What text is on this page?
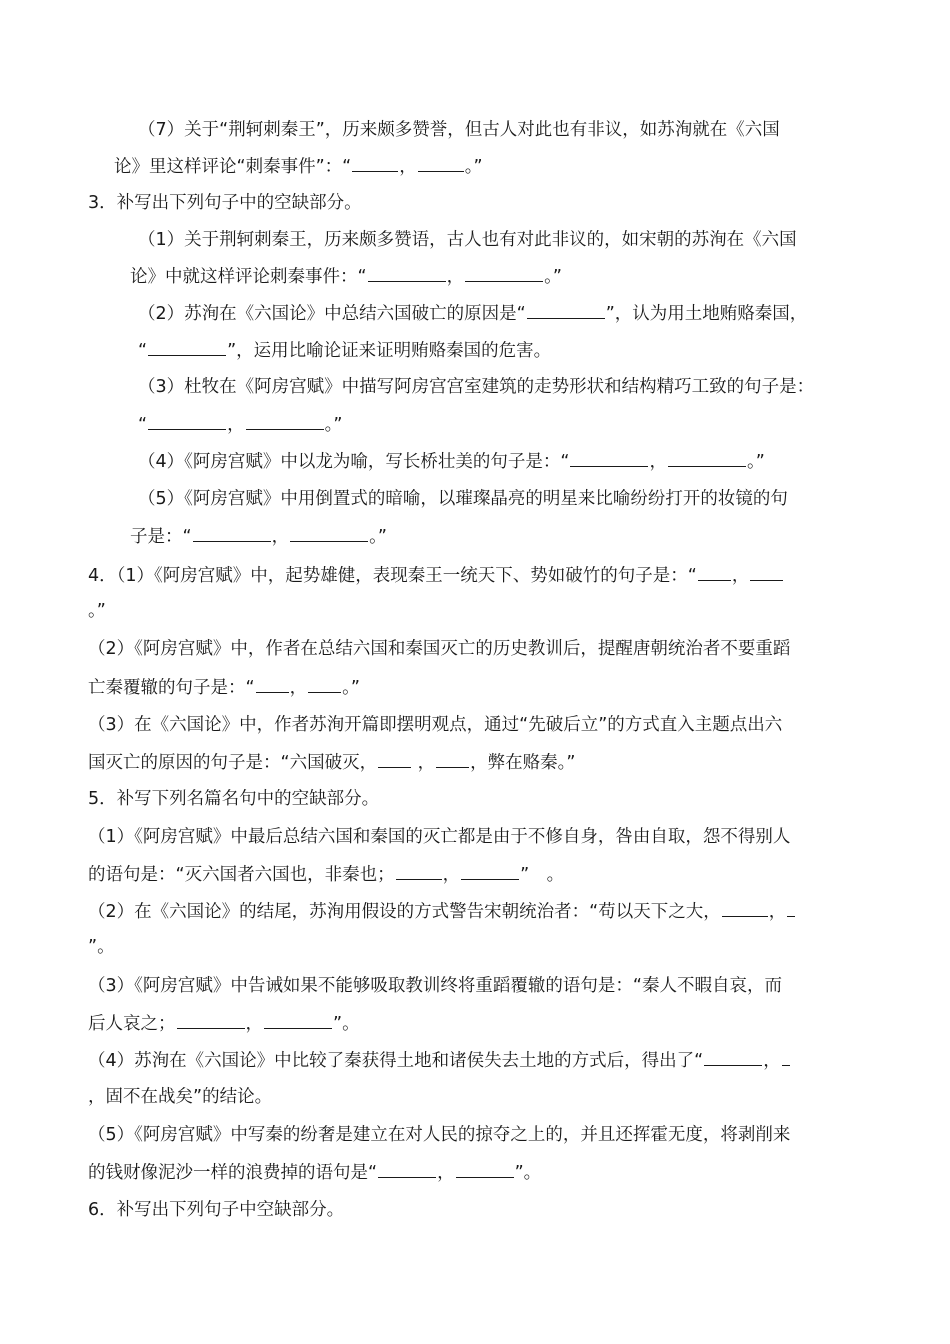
（7）关于“荆轲刺秦王”，历来颇多赞誉，但古人对此也有非议，如苏洵就在《六国
论》里这样评论“刺秦事件”：“	，	。”
3．补写出下列句子中的空缺部分。
（1）关于荆轲刺秦王，历来颇多赞语，古人也有对此非议的，如宋朝的苏洵在《六国
论》中就这样评论刺秦事件：“	，	。”
（2）苏洵在《六国论》中总结六国破亡的原因是“	”，认为用土地贿赂秦国，
“	”，运用比喻论证来证明贿赂秦国的危害。
（3）杜牧在《阿房宫赋》中描写阿房宫宫室建筑的走势形状和结构精巧工致的句子是：
“	，	。”
（4）《阿房宫赋》中以龙为喻，写长桥壮美的句子是：“	，	。”
（5）《阿房宫赋》中用倒置式的暗喻，以璀璨晶亮的明星来比喻纷纷打开的妆镜的句
子是：“	，	。”
4．（1）《阿房宫赋》中，起势雄健，表现秦王一统天下、势如破竹的句子是：“ ，
。”
（2）《阿房宫赋》中，作者在总结六国和秦国灭亡的历史教训后，提醒唐朝统治者不要重蹈
亡秦覆辙的句子是：“ ， 。”
（3）在《六国论》中，作者苏洵开篇即摆明观点，通过“先破后立”的方式直入主题点出六
国灭亡的原因的句子是：“六国破灭， ， ，弊在赂秦。”
5．补写下列名篇名句中的空缺部分。
（1）《阿房宫赋》中最后总结六国和秦国的灭亡都是由于不修自身，咎由自取，怨不得别人
的语句是：“灭六国者六国也，非秦也；	，	”　。
（2）在《六国论》的结尾，苏洵用假设的方式警告宋朝统治者：“苟以天下之大，	，
”。
（3）《阿房宫赋》中告诫如果不能够吸取教训终将重蹈覆辙的语句是：“秦人不暇自哀，而
后人哀之；	，	”。
（4）苏洵在《六国论》中比较了秦获得土地和诸侯失去土地的方式后，得出了“	，
，固不在战矣”的结论。
（5）《阿房宫赋》中写秦的纷奢是建立在对人民的掠夺之上的，并且还挥霍无度，将剥削来
的钱财像泥沙一样的浪费掉的语句是“	，	”。
6．补写出下列句子中空缺部分。
